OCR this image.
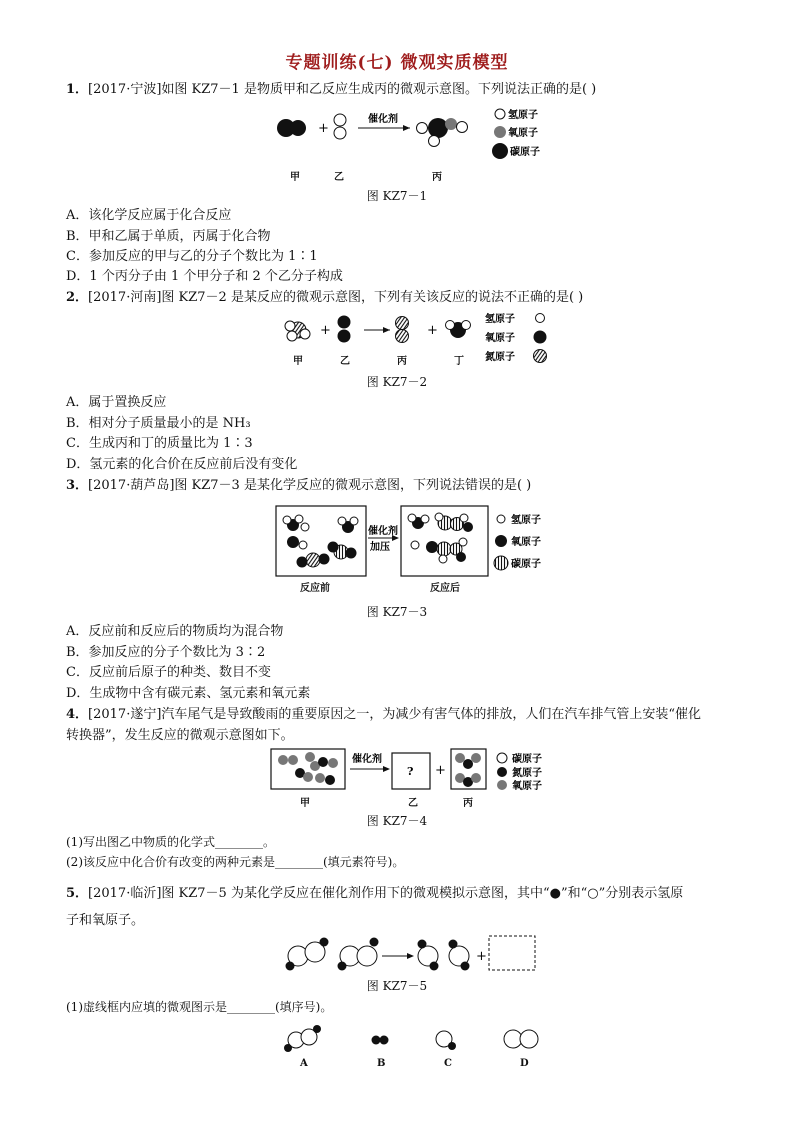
专题训练(七) 微观实质模型
1．[2017·宁波]如图 KZ7－1 是物质甲和乙反应生成丙的微观示意图。下列说法正确的是( )
+
催化剂	氢原子
氧原子
碳原子
甲	乙	丙
图 KZ7－1
A．该化学反应属于化合反应
B．甲和乙属于单质，丙属于化合物
C．参加反应的甲与乙的分子个数比为 1∶1
D．1 个丙分子由 1 个甲分子和 2 个乙分子构成
2．[2017·河南]图 KZ7－2 是某反应的微观示意图，下列有关该反应的说法不正确的是( )
+	+
氢原子
氧原子
氮原子
甲	乙	丙	丁
图 KZ7－2
A．属于置换反应
B．相对分子质量最小的是 NH₃
C．生成丙和丁的质量比为 1∶3
D．氢元素的化合价在反应前后没有变化
3．[2017·葫芦岛]图 KZ7－3 是某化学反应的微观示意图，下列说法错误的是( )
催化剂
加压
氢原子
氧原子
碳原子
反应前	反应后
图 KZ7－3
A．反应前和反应后的物质均为混合物
B．参加反应的分子个数比为 3∶2
C．反应前后原子的种类、数目不变
D．生成物中含有碳元素、氢元素和氧元素
4．[2017·遂宁]汽车尾气是导致酸雨的重要原因之一，为减少有害气体的排放，人们在汽车排气管上安装“催化
转换器”，发生反应的微观示意图如下。
催化剂
? +
碳原子
氮原子
氧原子
甲	乙	丙
图 KZ7－4
(1)写出图乙中物质的化学式________。
(2)该反应中化合价有改变的两种元素是________(填元素符号)。
5．[2017·临沂]图 KZ7－5 为某化学反应在催化剂作用下的微观模拟示意图，其中“●”和“○”分别表示氢原
子和氧原子。
+
图 KZ7－5
(1)虚线框内应填的微观图示是________(填序号)。
A	B	C	D
